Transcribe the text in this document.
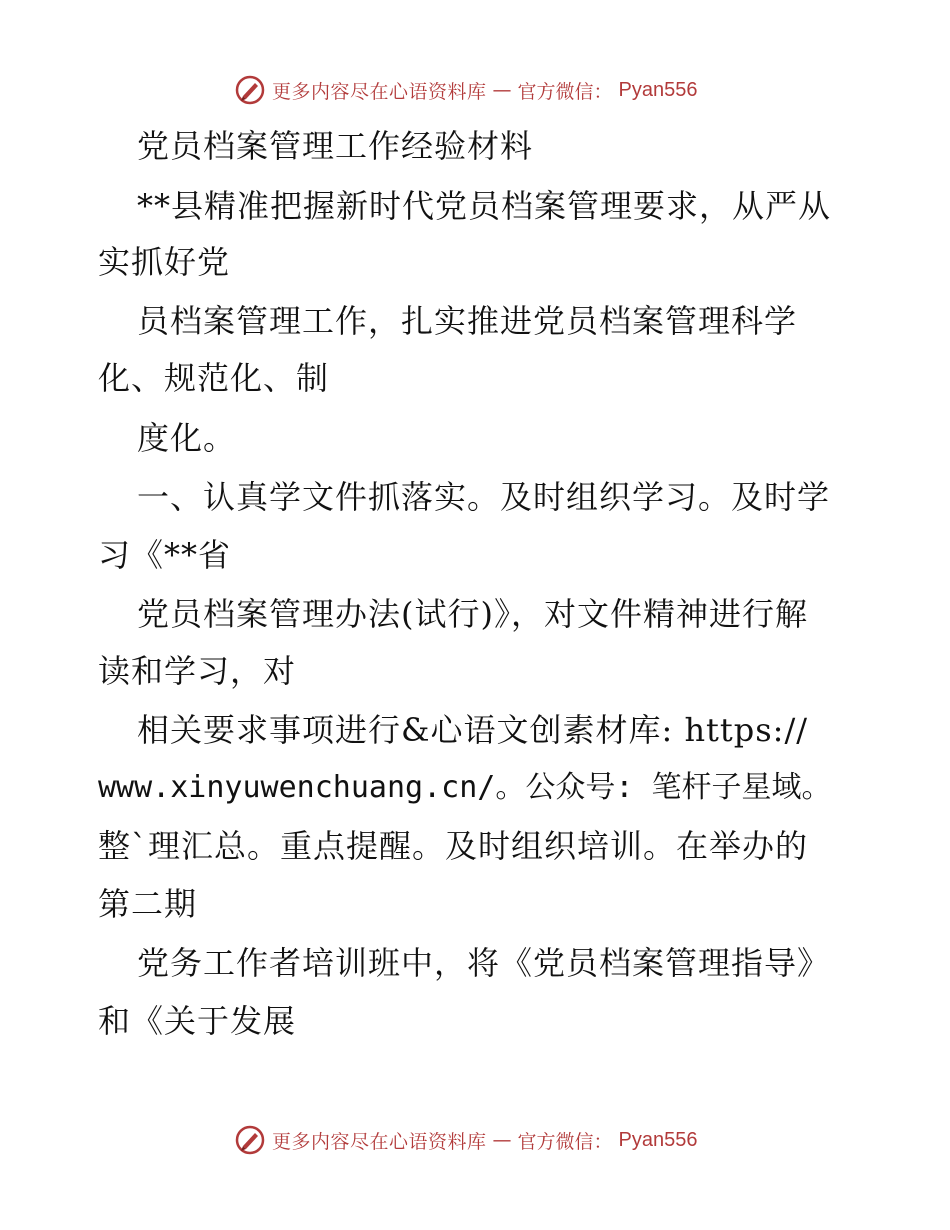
更多内容尽在心语资料库 — 官方微信： Pyan556
党员档案管理工作经验材料
**县精准把握新时代党员档案管理要求，从严从
实抓好党
员档案管理工作，扎实推进党员档案管理科学
化、规范化、制
度化。
一、认真学文件抓落实。及时组织学习。及时学
习《**省
党员档案管理办法(试行)》，对文件精神进行解
读和学习，对
相关要求事项进行&心语文创素材库: https://
www.xinyuwenchuang.cn/。公众号: 笔杆子星域。
整`理汇总。重点提醒。及时组织培训。在举办的
第二期
党务工作者培训班中，将《党员档案管理指导》
和《关于发展
更多内容尽在心语资料库 — 官方微信： Pyan556
